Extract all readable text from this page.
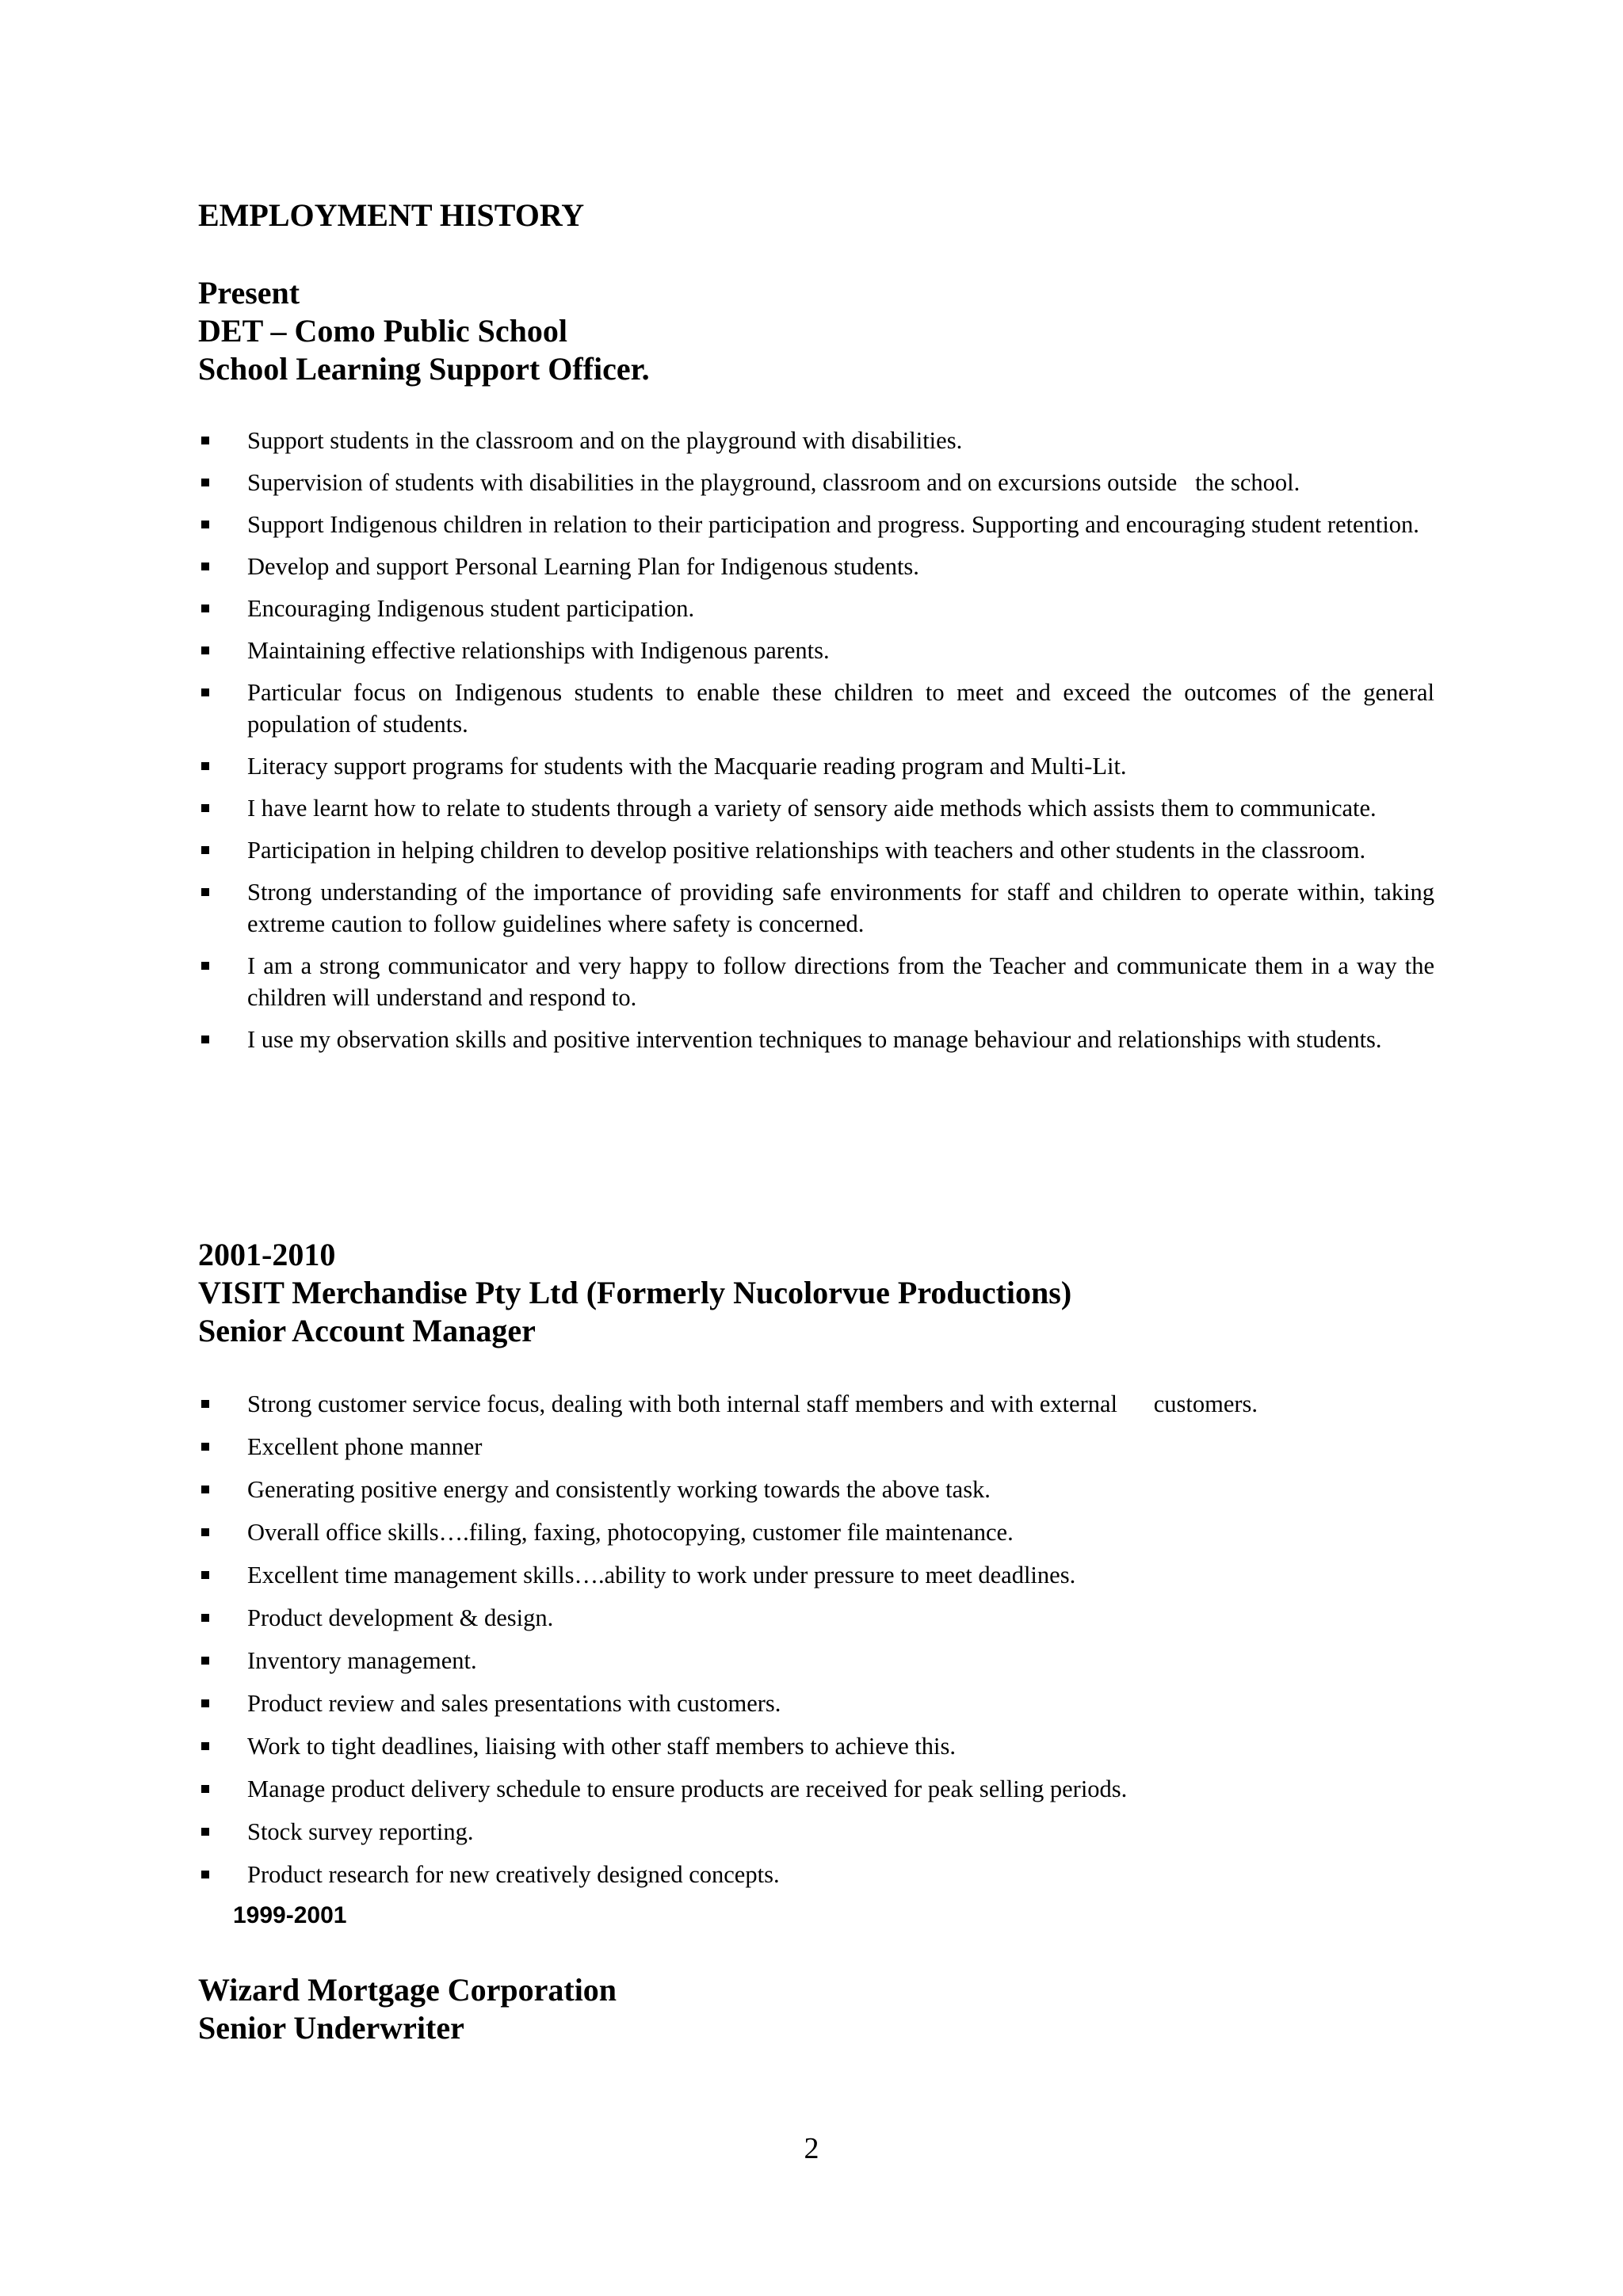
EMPLOYMENT HISTORY
Present
DET – Como Public School
School Learning Support Officer.
Support students in the classroom and on the playground with disabilities.
Supervision of students with disabilities in the playground, classroom and on excursions outside   the school.
Support Indigenous children in relation to their participation and progress. Supporting and encouraging student retention.
Develop and support Personal Learning Plan for Indigenous students.
Encouraging Indigenous student participation.
Maintaining effective relationships with Indigenous parents.
Particular focus on Indigenous students to enable these children to meet and exceed the outcomes of the general population of students.
Literacy support programs for students with the Macquarie reading program and Multi-Lit.
I have learnt how to relate to students through a variety of sensory aide methods which assists them to communicate.
Participation in helping children to develop positive relationships with teachers and other students in the classroom.
Strong understanding of the importance of providing safe environments for staff and children to operate within, taking extreme caution to follow guidelines where safety is concerned.
I am a strong communicator and very happy to follow directions from the Teacher and communicate them in a way the children will understand and respond to.
I use my observation skills and positive intervention techniques to manage behaviour and relationships with students.
2001-2010
VISIT Merchandise Pty Ltd (Formerly Nucolorvue Productions)
Senior Account Manager
Strong customer service focus, dealing with both internal staff members and with external      customers.
Excellent phone manner
Generating positive energy and consistently working towards the above task.
Overall office skills….filing, faxing, photocopying, customer file maintenance.
Excellent time management skills….ability to work under pressure to meet deadlines.
Product development & design.
Inventory management.
Product review and sales presentations with customers.
Work to tight deadlines, liaising with other staff members to achieve this.
Manage product delivery schedule to ensure products are received for peak selling periods.
Stock survey reporting.
Product research for new creatively designed concepts.
1999-2001
Wizard Mortgage Corporation
Senior Underwriter
2
